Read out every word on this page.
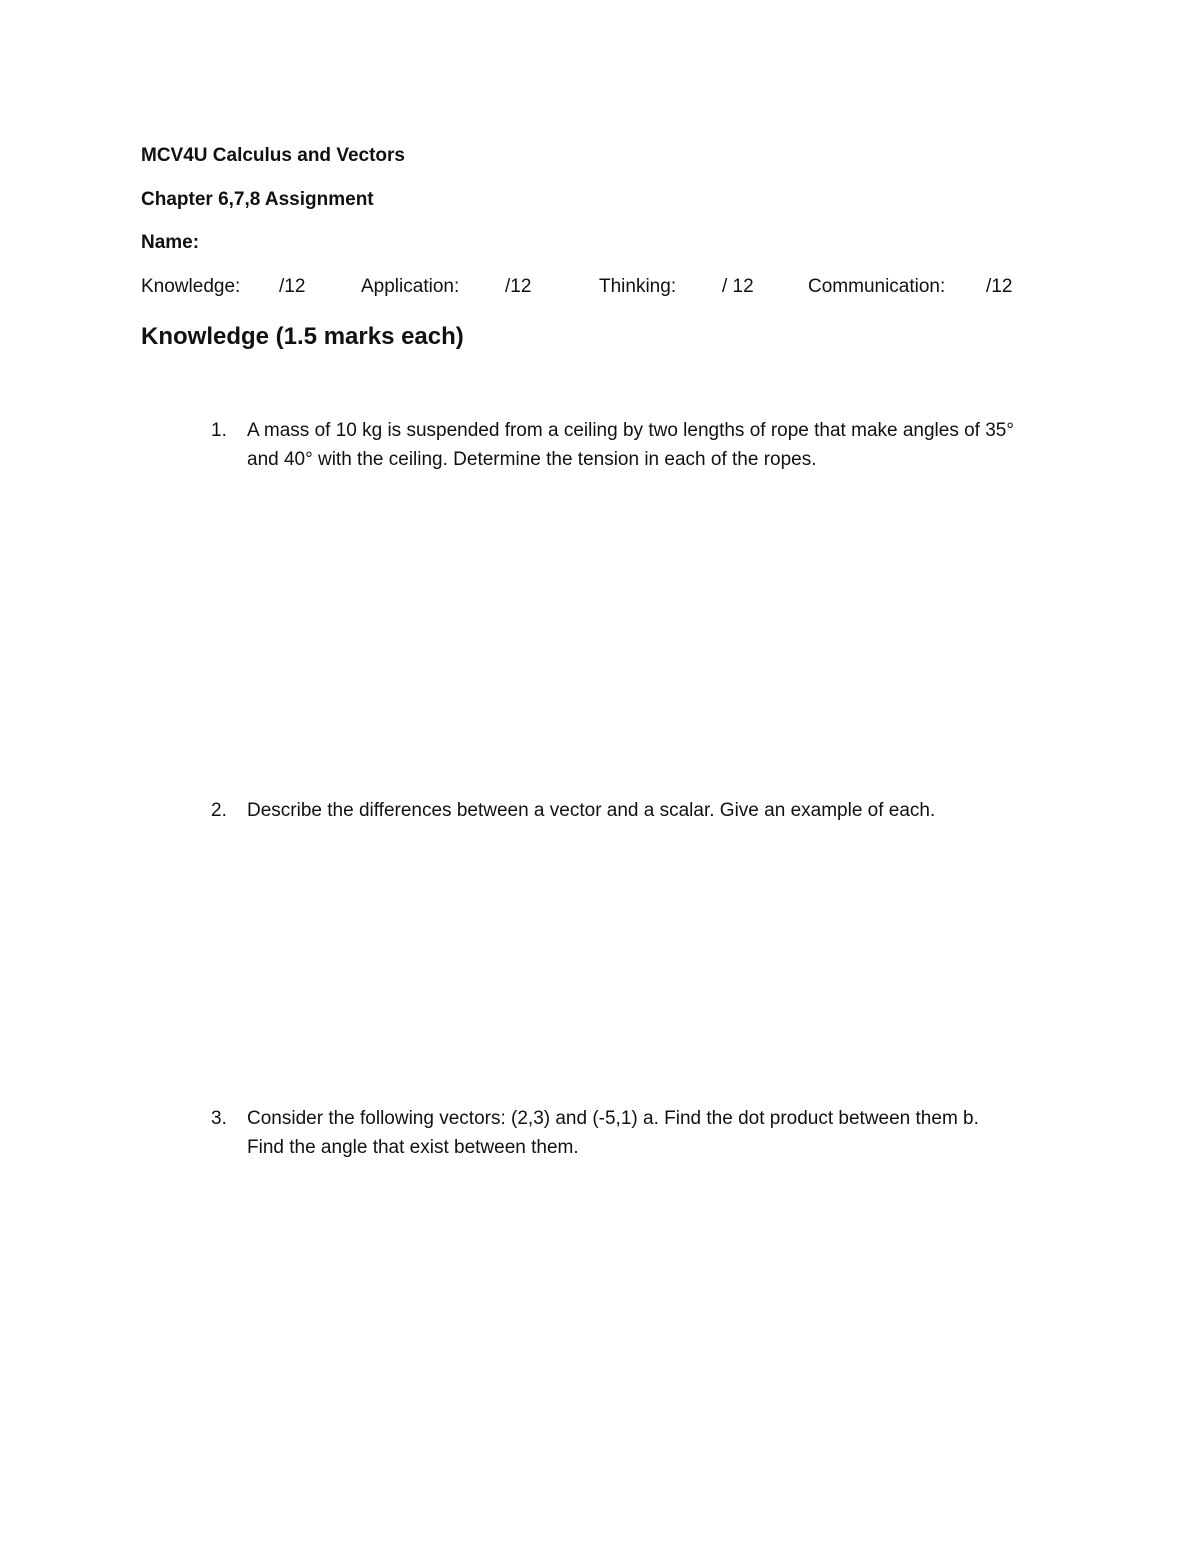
MCV4U Calculus and Vectors
Chapter 6,7,8 Assignment
Name:
Knowledge: /12	Application: /12	Thinking: / 12	Communication: /12
Knowledge (1.5 marks each)
1. A mass of 10 kg is suspended from a ceiling by two lengths of rope that make angles of 35°
and 40° with the ceiling. Determine the tension in each of the ropes.
2. Describe the differences between a vector and a scalar. Give an example of each.
3. Consider the following vectors: (2,3) and (-5,1) a. Find the dot product between them b.
Find the angle that exist between them.
